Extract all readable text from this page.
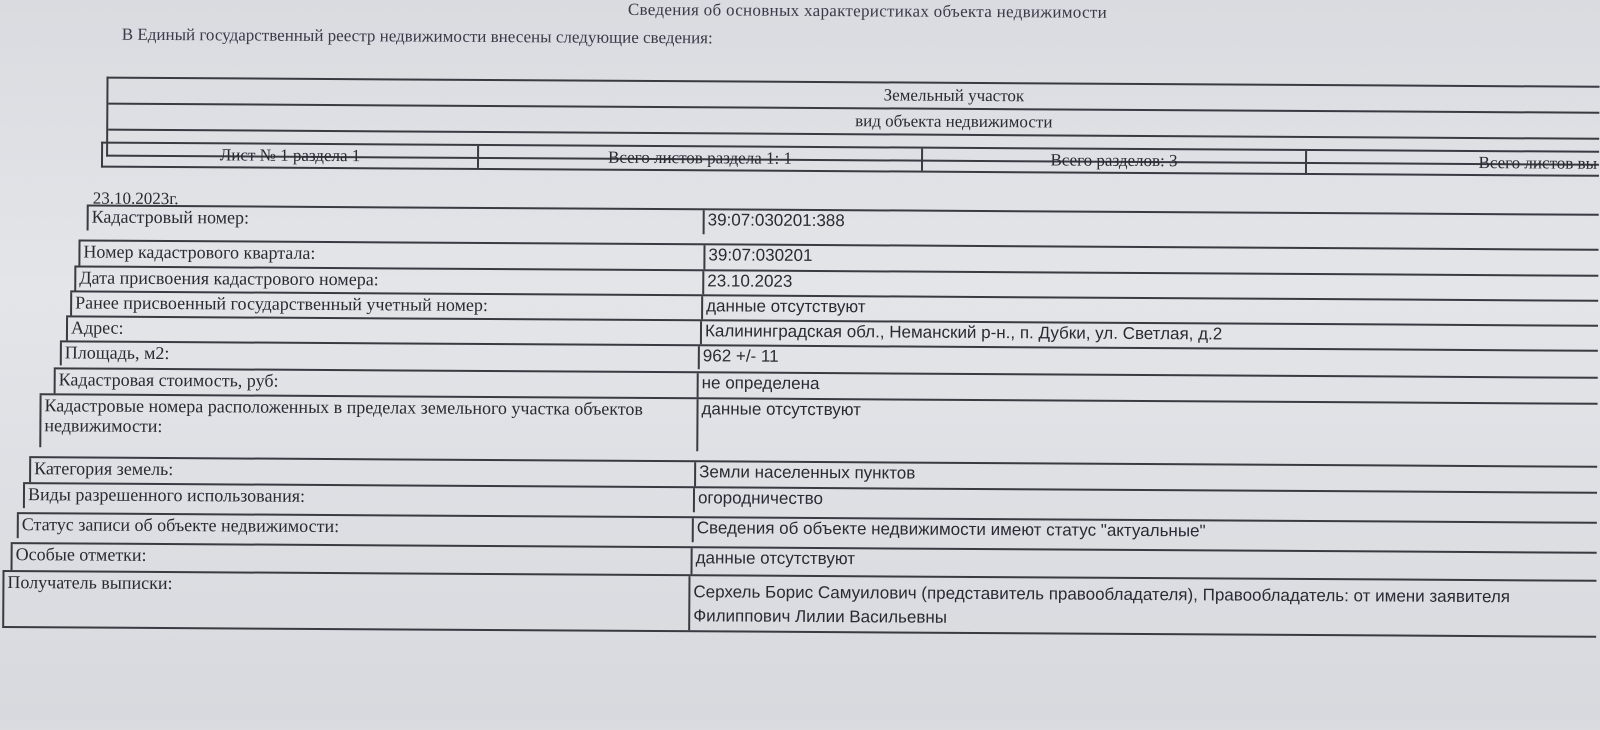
Сведения об основных характеристиках объекта недвижимости
В Единый государственный реестр недвижимости внесены следующие сведения:
Земельный участок
вид объекта недвижимости
Лист № 1 раздела 1	Всего листов раздела 1: 1	Всего разделов: 3	Всего листов вы
23.10.2023г.
Кадастровый номер:	39:07:030201:388
Номер кадастрового квартала:	39:07:030201
Дата присвоения кадастрового номера:	23.10.2023
Ранее присвоенный государственный учетный номер:	данные отсутствуют
Адрес:	Калининградская обл., Неманский р-н., п. Дубки, ул. Светлая, д.2
Площадь, м2:	962 +/- 11
Кадастровая стоимость, руб:	не определена
Кадастровые номера расположенных в пределах земельного участка объектов недвижимости:
данные отсутствуют
Категория земель:	Земли населенных пунктов
Виды разрешенного использования:	огородничество
Статус записи об объекте недвижимости:	Сведения об объекте недвижимости имеют статус "актуальные"
Особые отметки:	данные отсутствуют
Получатель выписки:	Серхель Борис Самуилович (представитель правообладателя), Правообладатель: от имени заявителя Филиппович Лилии Васильевны
